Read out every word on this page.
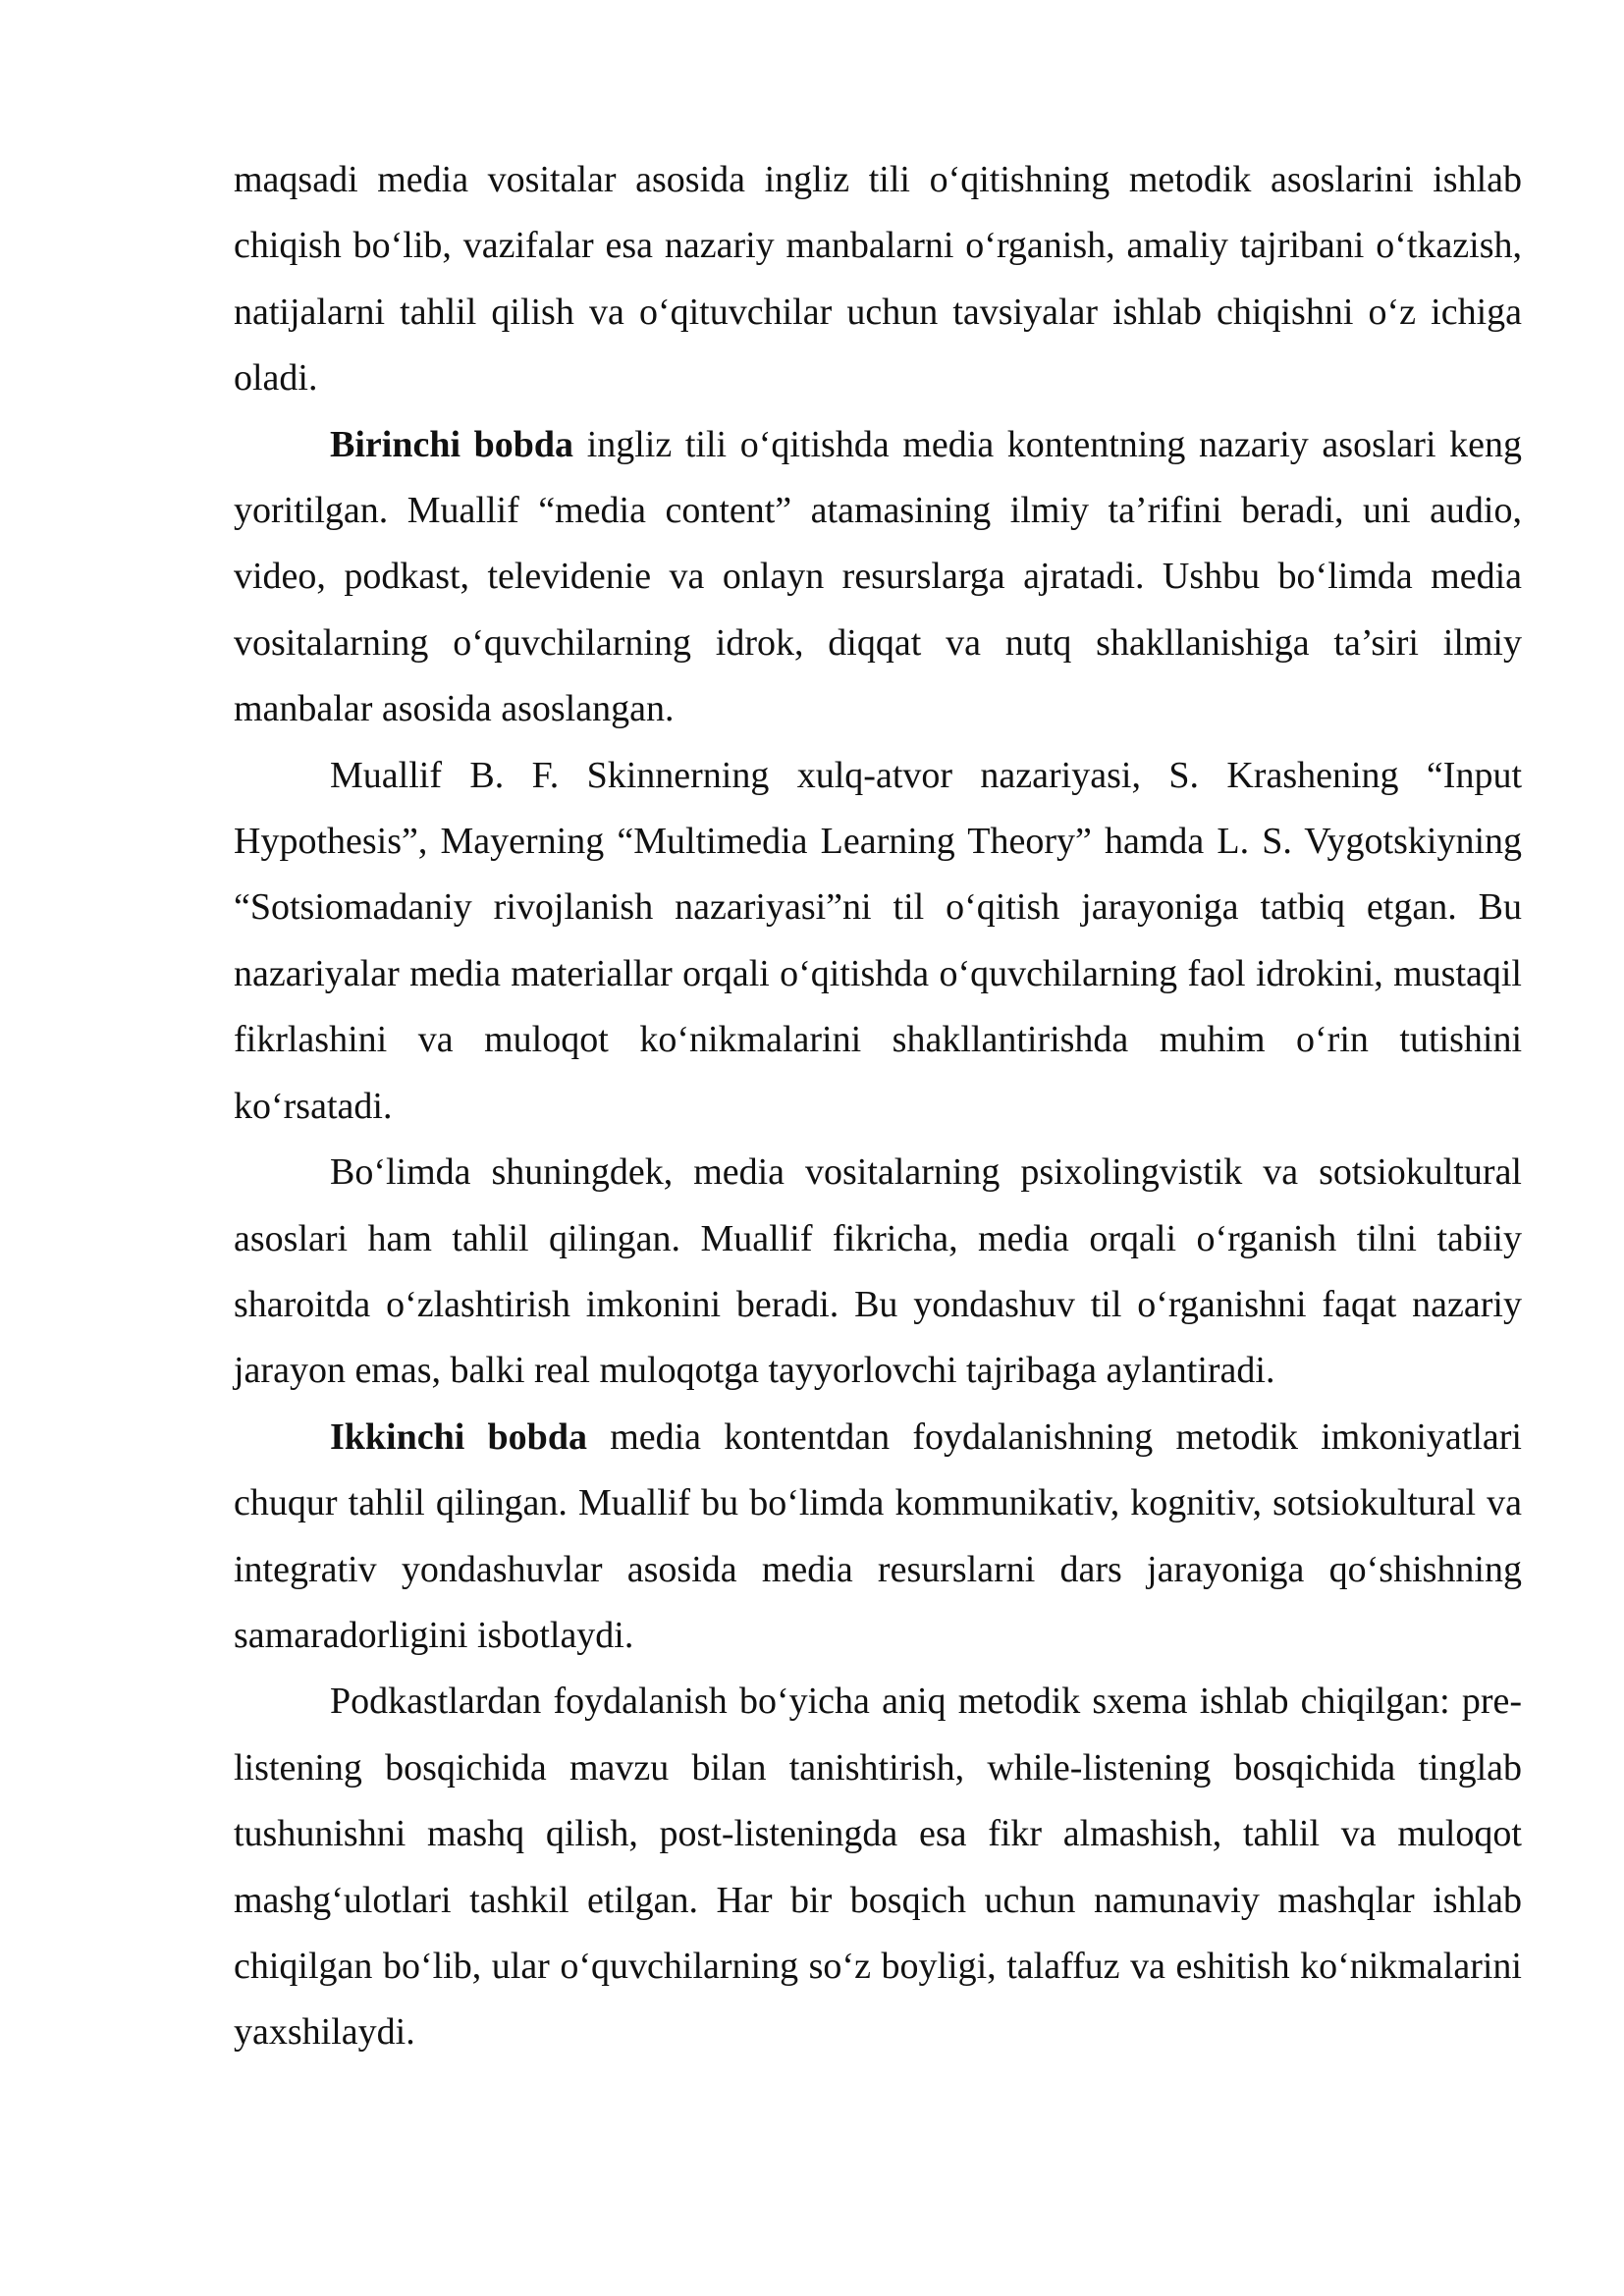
maqsadi media vositalar asosida ingliz tili o‘qitishning metodik asoslarini ishlab chiqish bo‘lib, vazifalar esa nazariy manbalarni o‘rganish, amaliy tajribani o‘tkazish, natijalarni tahlil qilish va o‘qituvchilar uchun tavsiyalar ishlab chiqishni o‘z ichiga oladi.

Birinchi bobda ingliz tili o‘qitishda media kontentning nazariy asoslari keng yoritilgan. Muallif “media content” atamasining ilmiy ta’rifini beradi, uni audio, video, podkast, televidenie va onlayn resurslarga ajratadi. Ushbu bo‘limda media vositalarning o‘quvchilarning idrok, diqqat va nutq shakllanishiga ta’siri ilmiy manbalar asosida asoslangan.

Muallif B. F. Skinnerning xulq-atvor nazariyasi, S. Krashening “Input Hypothesis”, Mayerning “Multimedia Learning Theory” hamda L. S. Vygotskiyning “Sotsiomadaniy rivojlanish nazariyasi”ni til o‘qitish jarayoniga tatbiq etgan. Bu nazariyalar media materiallar orqali o‘qitishda o‘quvchilarning faol idrokini, mustaqil fikrlashini va muloqot ko‘nikmalarini shakllantirishda muhim o‘rin tutishini ko‘rsatadi.

Bo‘limda shuningdek, media vositalarning psixolingvistik va sotsiokultural asoslari ham tahlil qilingan. Muallif fikricha, media orqali o‘rganish tilni tabiiy sharoitda o‘zlashtirish imkonini beradi. Bu yondashuv til o‘rganishni faqat nazariy jarayon emas, balki real muloqotga tayyorlovchi tajribaga aylantiradi.

Ikkinchi bobda media kontentdan foydalanishning metodik imkoniyatlari chuqur tahlil qilingan. Muallif bu bo‘limda kommunikativ, kognitiv, sotsiokultural va integrativ yondashuvlar asosida media resurslarni dars jarayoniga qo‘shishning samaradorligini isbotlaydi.

Podkastlardan foydalanish bo‘yicha aniq metodik sxema ishlab chiqilgan: pre-listening bosqichida mavzu bilan tanishtirish, while-listening bosqichida tinglab tushunishni mashq qilish, post-listeningda esa fikr almashish, tahlil va muloqot mashg‘ulotlari tashkil etilgan. Har bir bosqich uchun namunaviy mashqlar ishlab chiqilgan bo‘lib, ular o‘quvchilarning so‘z boyligi, talaffuz va eshitish ko‘nikmalarini yaxshilaydi.
